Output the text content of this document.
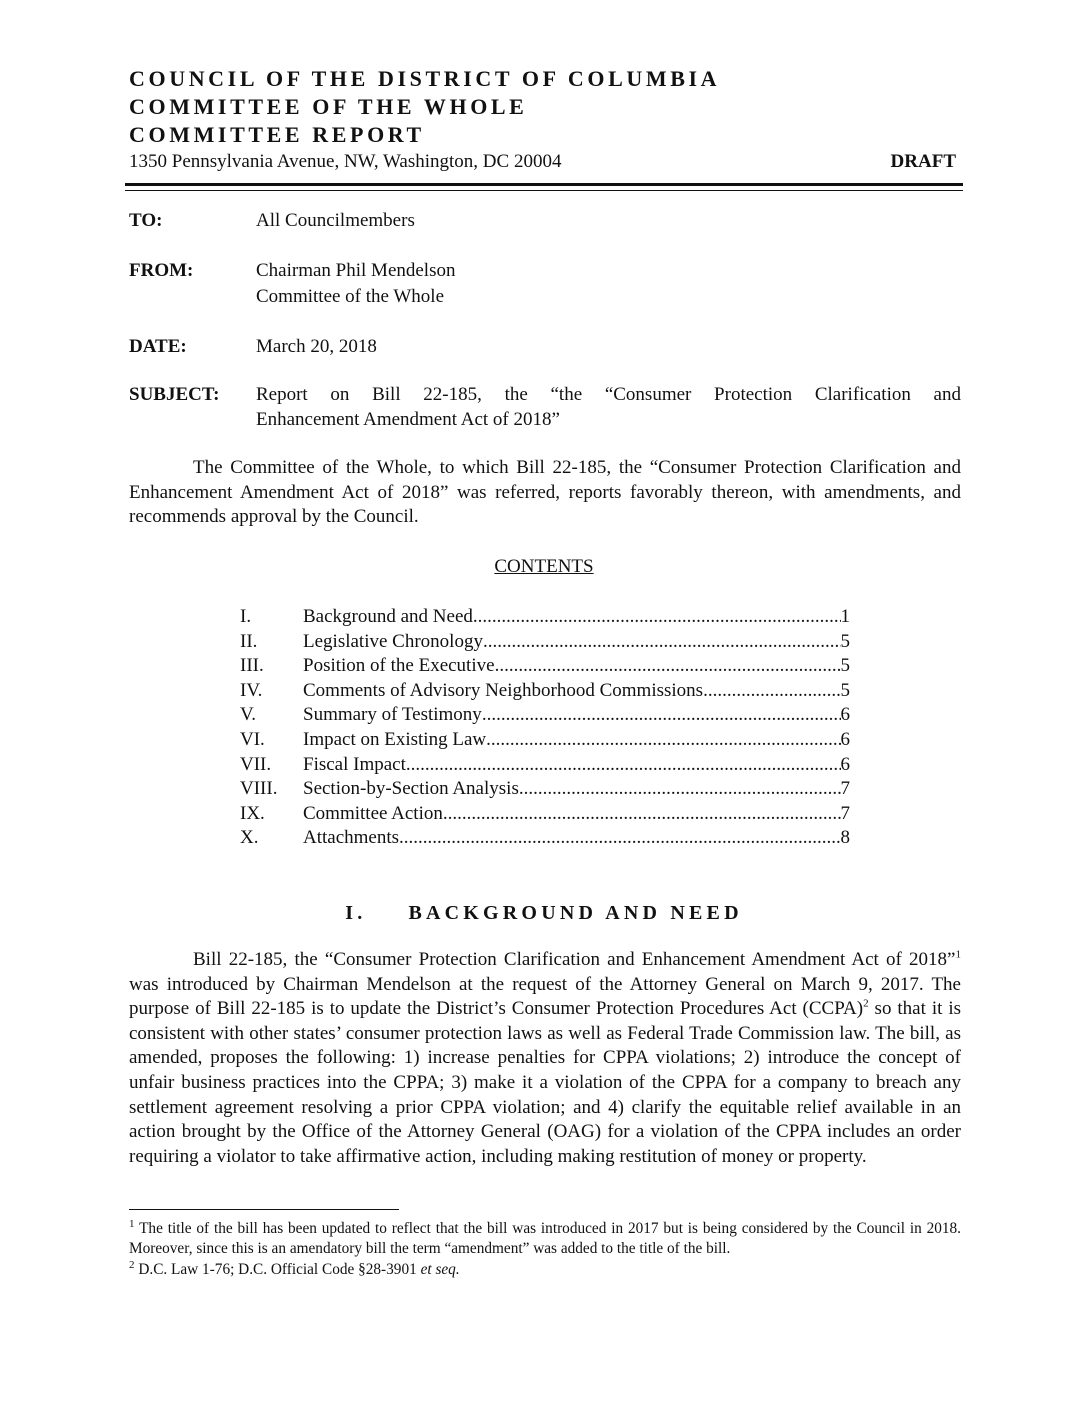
COUNCIL OF THE DISTRICT OF COLUMBIA
COMMITTEE OF THE WHOLE
COMMITTEE REPORT
1350 Pennsylvania Avenue, NW, Washington, DC 20004	DRAFT
TO:	All Councilmembers
FROM:	Chairman Phil Mendelson
Committee of the Whole
DATE:	March 20, 2018
SUBJECT: Report on Bill 22-185, the “the “Consumer Protection Clarification and
Enhancement Amendment Act of 2018”
The Committee of the Whole, to which Bill 22-185, the “Consumer Protection Clarification and Enhancement Amendment Act of 2018” was referred, reports favorably thereon, with amendments, and recommends approval by the Council.
CONTENTS
I.	Background and Need .....	1
II. Legislative Chronology .....	5
III. Position of the Executive .....	5
IV. Comments of Advisory Neighborhood Commissions .....	5
V. Summary of Testimony .....	6
VI. Impact on Existing Law .....	6
VII. Fiscal Impact .....	6
VIII. Section-by-Section Analysis .....	7
IX. Committee Action .....	7
X. Attachments .....	8
I. BACKGROUND AND NEED
Bill 22-185, the “Consumer Protection Clarification and Enhancement Amendment Act of 2018”$^1$ was introduced by Chairman Mendelson at the request of the Attorney General on March 9, 2017. The purpose of Bill 22-185 is to update the District’s Consumer Protection Procedures Act (CCPA)$^2$ so that it is consistent with other states’ consumer protection laws as well as Federal Trade Commission law. The bill, as amended, proposes the following: 1) increase penalties for CPPA violations; 2) introduce the concept of unfair business practices into the CPPA; 3) make it a violation of the CPPA for a company to breach any settlement agreement resolving a prior CPPA violation; and 4) clarify the equitable relief available in an action brought by the Office of the Attorney General (OAG) for a violation of the CPPA includes an order requiring a violator to take affirmative action, including making restitution of money or property.
$^1$ The title of the bill has been updated to reflect that the bill was introduced in 2017 but is being considered by the Council in 2018. Moreover, since this is an amendatory bill the term “amendment” was added to the title of the bill.
$^2$ D.C. Law 1-76; D.C. Official Code §28-3901 et seq.
